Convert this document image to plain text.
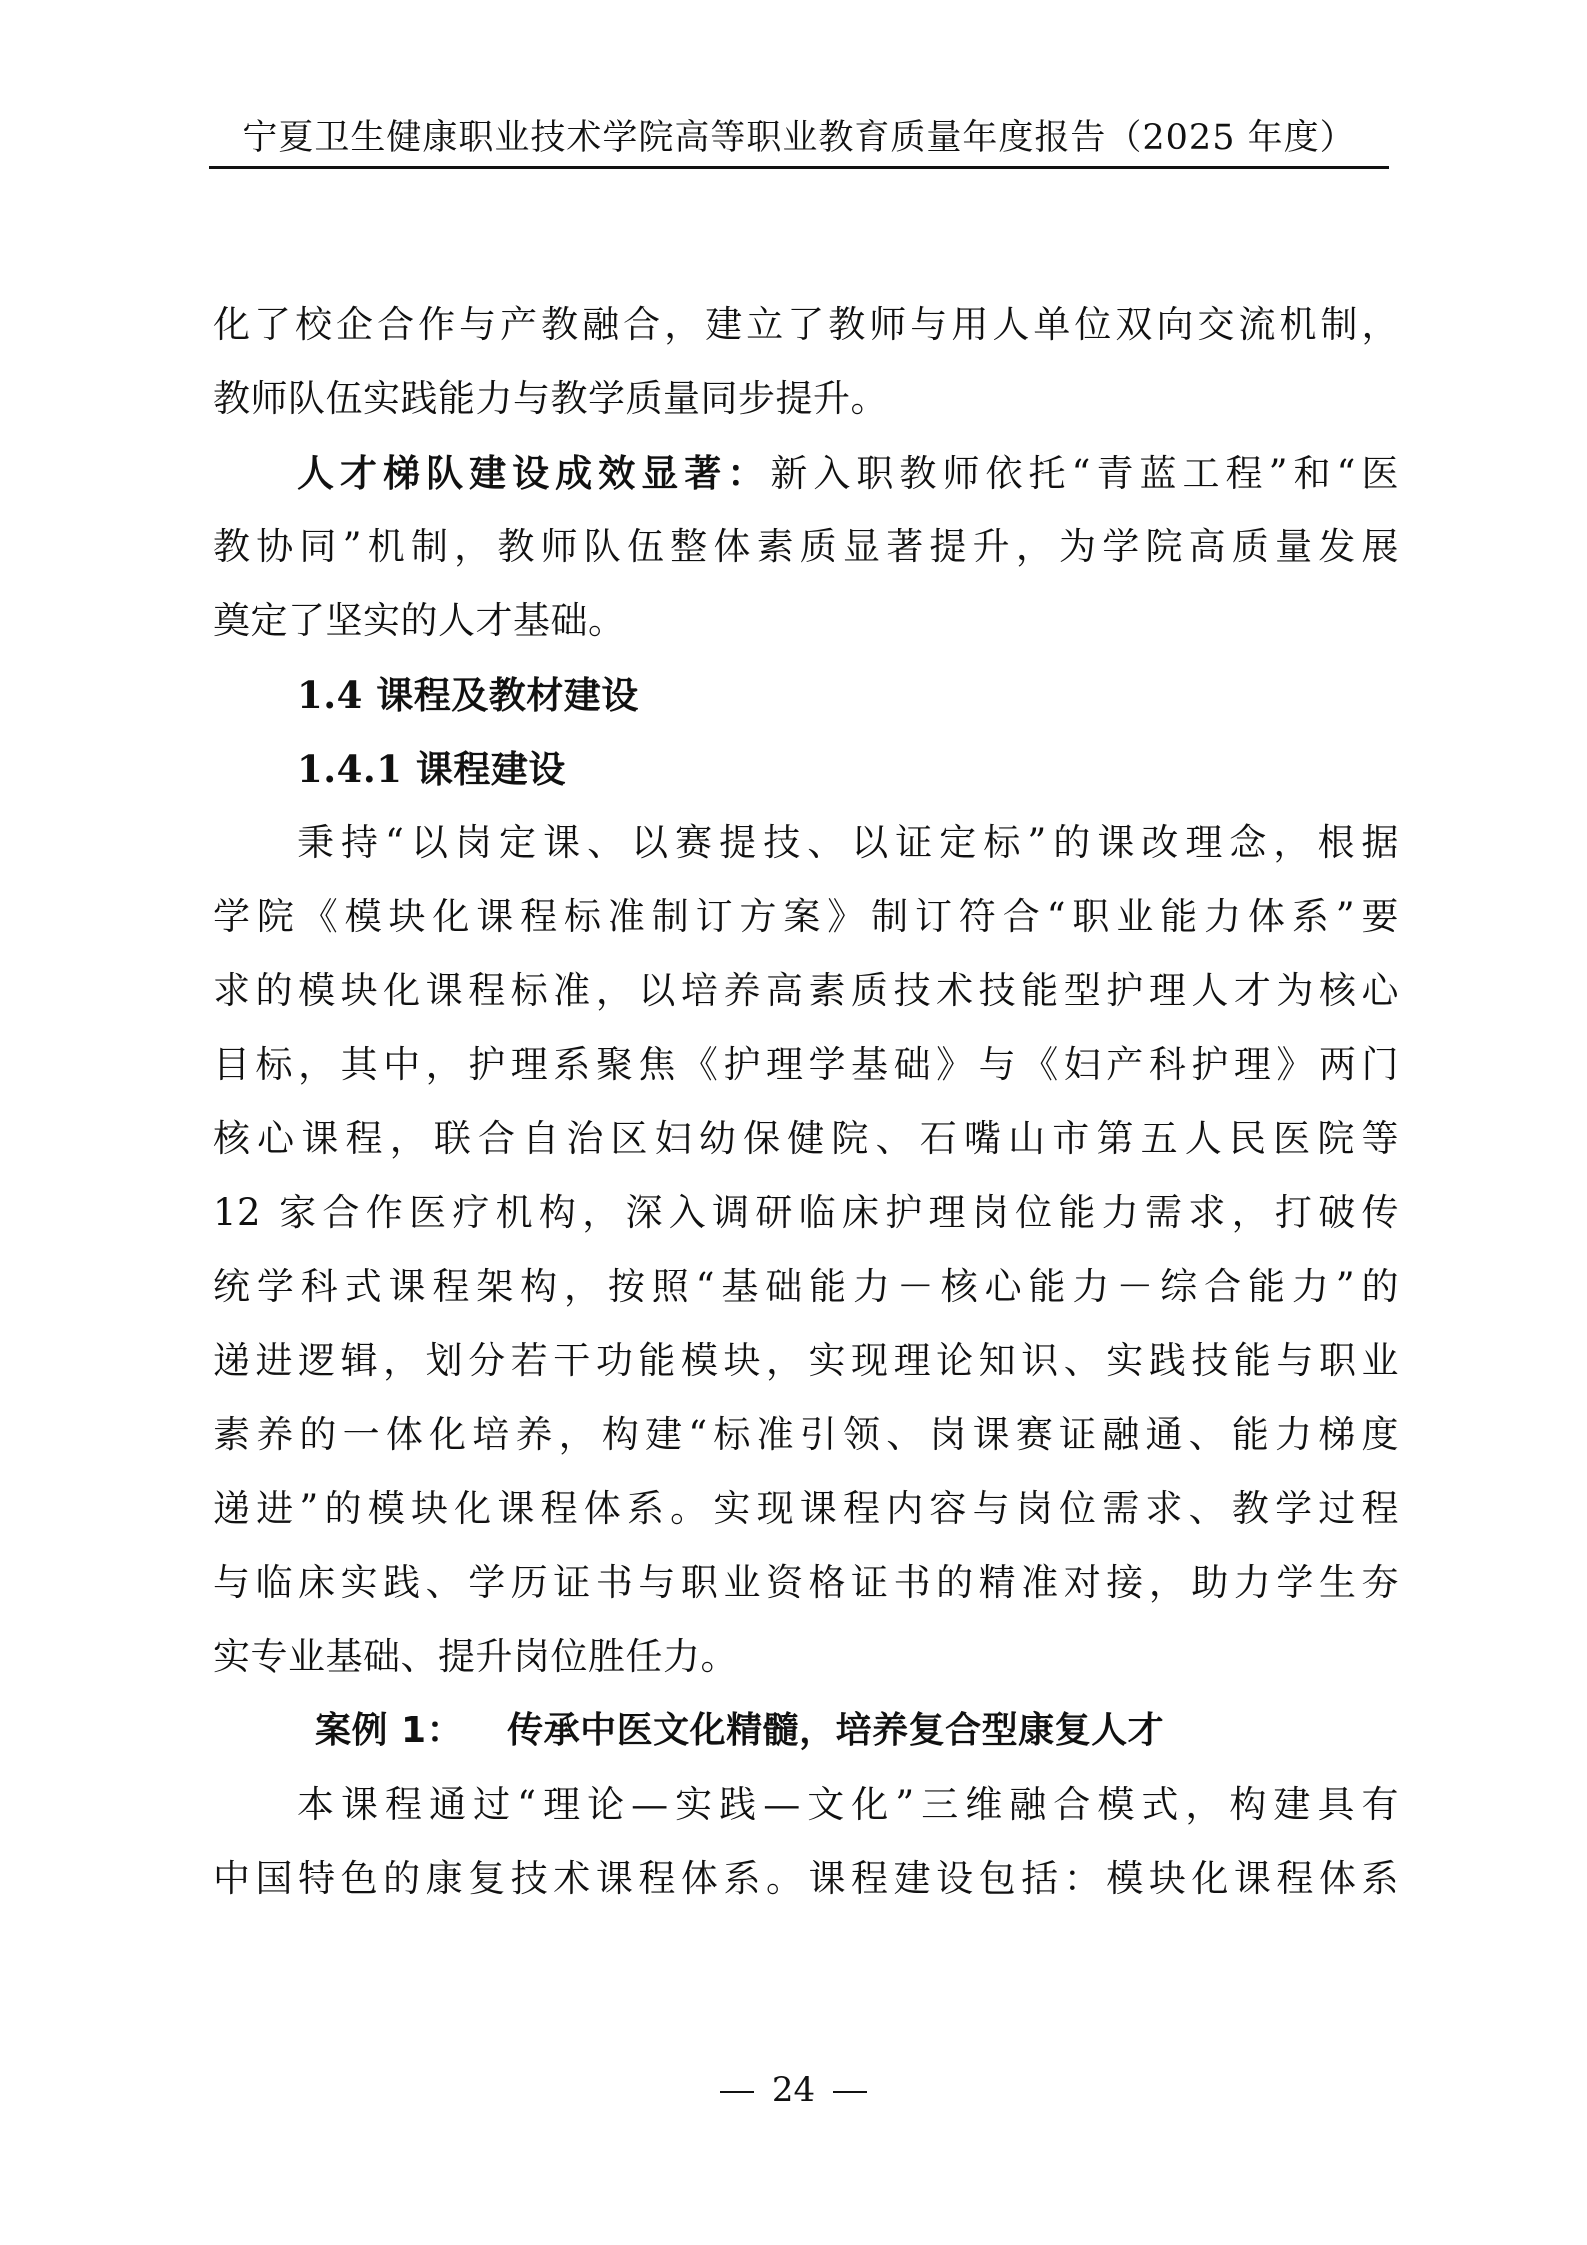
宁夏卫生健康职业技术学院高等职业教育质量年度报告（2025 年度）
化了校企合作与产教融合，建立了教师与用人单位双向交流机制，
教师队伍实践能力与教学质量同步提升。
人才梯队建设成效显著：新入职教师依托“青蓝工程”和“医
教协同”机制，教师队伍整体素质显著提升，为学院高质量发展
奠定了坚实的人才基础。
1.4 课程及教材建设
1.4.1 课程建设
秉持“以岗定课、以赛提技、以证定标”的课改理念，根据
学院《模块化课程标准制订方案》制订符合“职业能力体系”要
求的模块化课程标准，以培养高素质技术技能型护理人才为核心
目标，其中，护理系聚焦《护理学基础》与《妇产科护理》两门
核心课程，联合自治区妇幼保健院、石嘴山市第五人民医院等
12 家合作医疗机构，深入调研临床护理岗位能力需求，打破传
统学科式课程架构，按照“基础能力－核心能力－综合能力”的
递进逻辑，划分若干功能模块，实现理论知识、实践技能与职业
素养的一体化培养，构建“标准引领、岗课赛证融通、能力梯度
递进”的模块化课程体系。实现课程内容与岗位需求、教学过程
与临床实践、学历证书与职业资格证书的精准对接，助力学生夯
实专业基础、提升岗位胜任力。
案例 1： 传承中医文化精髓，培养复合型康复人才
本课程通过“理论—实践—文化”三维融合模式，构建具有
中国特色的康复技术课程体系。课程建设包括：模块化课程体系
24
